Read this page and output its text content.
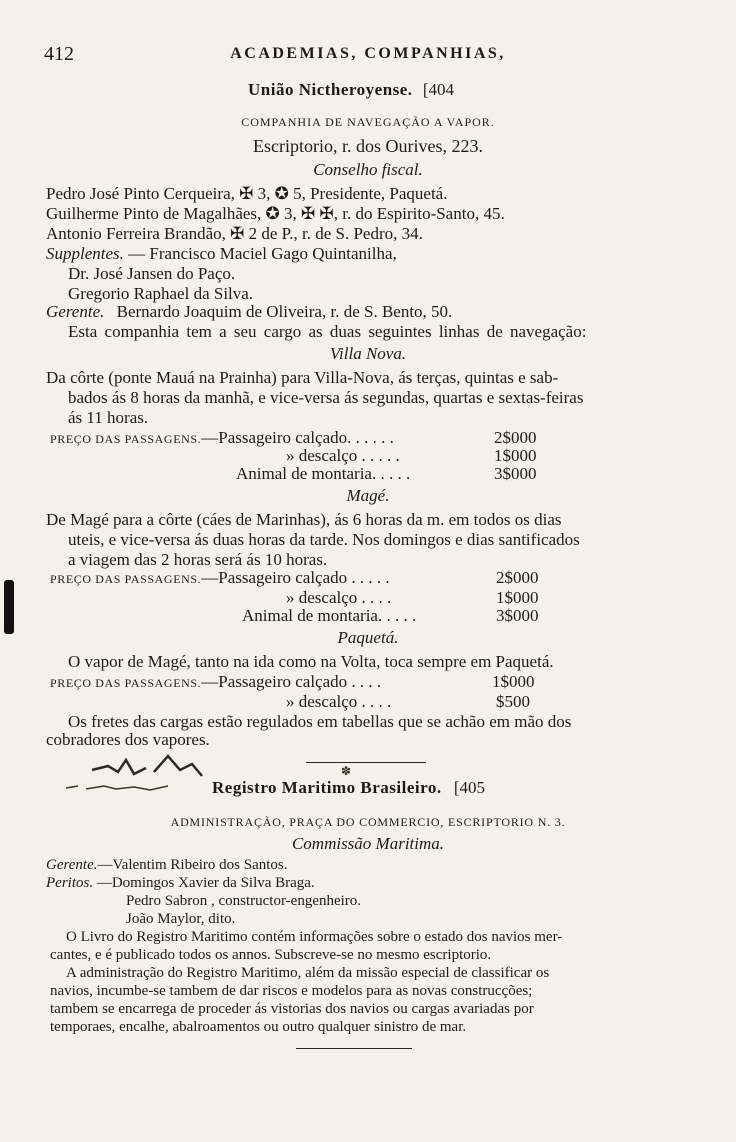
412	ACADEMIAS, COMPANHIAS,
União Nictheroyense. [404
COMPANHIA DE NAVEGAÇÃO A VAPOR.
Escriptorio, r. dos Ourives, 223.
Conselho fiscal.
Pedro José Pinto Cerqueira, ✠ 3, ✪ 5, Presidente, Paquetá.
Guilherme Pinto de Magalhães, ✪ 3, ✠ ✠, r. do Espirito-Santo, 45.
Antonio Ferreira Brandão, ✠ 2 de P., r. de S. Pedro, 34.
Supplentes. — Francisco Maciel Gago Quintanilha,
Dr. José Jansen do Paço.
Gregorio Raphael da Silva.
Gerente. Bernardo Joaquim de Oliveira, r. de S. Bento, 50.
Esta companhia tem a seu cargo as duas seguintes linhas de navegação:
Villa Nova.
Da côrte (ponte Mauá na Prainha) para Villa-Nova, ás terças, quintas e sab-
bados ás 8 horas da manhã, e vice-versa ás segundas, quartas e sextas-feiras
ás 11 horas.
PREÇO DAS PASSAGENS.—Passageiro calçado. . . . . .	2$000
» descalço . . . . .	1$000
Animal de montaria. . . . .	3$000
Magé.
De Magé para a côrte (cáes de Marinhas), ás 6 horas da m. em todos os dias
uteis, e vice-versa ás duas horas da tarde. Nos domingos e dias santificados
a viagem das 2 horas será ás 10 horas.
PREÇO DAS PASSAGENS.—Passageiro calçado . . . . .	2$000
» descalço . . . .	1$000
Animal de montaria. . . . .	3$000
Paquetá.
O vapor de Magé, tanto na ida como na Volta, toca sempre em Paquetá.
PREÇO DAS PASSAGENS.—Passageiro calçado . . . .	1$000
» descalço . . . .	$500
Os fretes das cargas estão regulados em tabellas que se achão em mão dos
cobradores dos vapores.
✽
Registro Maritimo Brasileiro. [405
ADMINISTRAÇÃO, PRAÇA DO COMMERCIO, ESCRIPTORIO N. 3.
Commissão Maritima.
Gerente.—Valentim Ribeiro dos Santos.
Peritos. —Domingos Xavier da Silva Braga.
Pedro Sabron , constructor-engenheiro.
João Maylor, dito.
O Livro do Registro Maritimo contém informações sobre o estado dos navios mer-
cantes, e é publicado todos os annos. Subscreve-se no mesmo escriptorio.
A administração do Registro Maritimo, além da missão especial de classificar os
navios, incumbe-se tambem de dar riscos e modelos para as novas construcções;
tambem se encarrega de proceder ás vistorias dos navios ou cargas avariadas por
temporaes, encalhe, abalroamentos ou outro qualquer sinistro de mar.
